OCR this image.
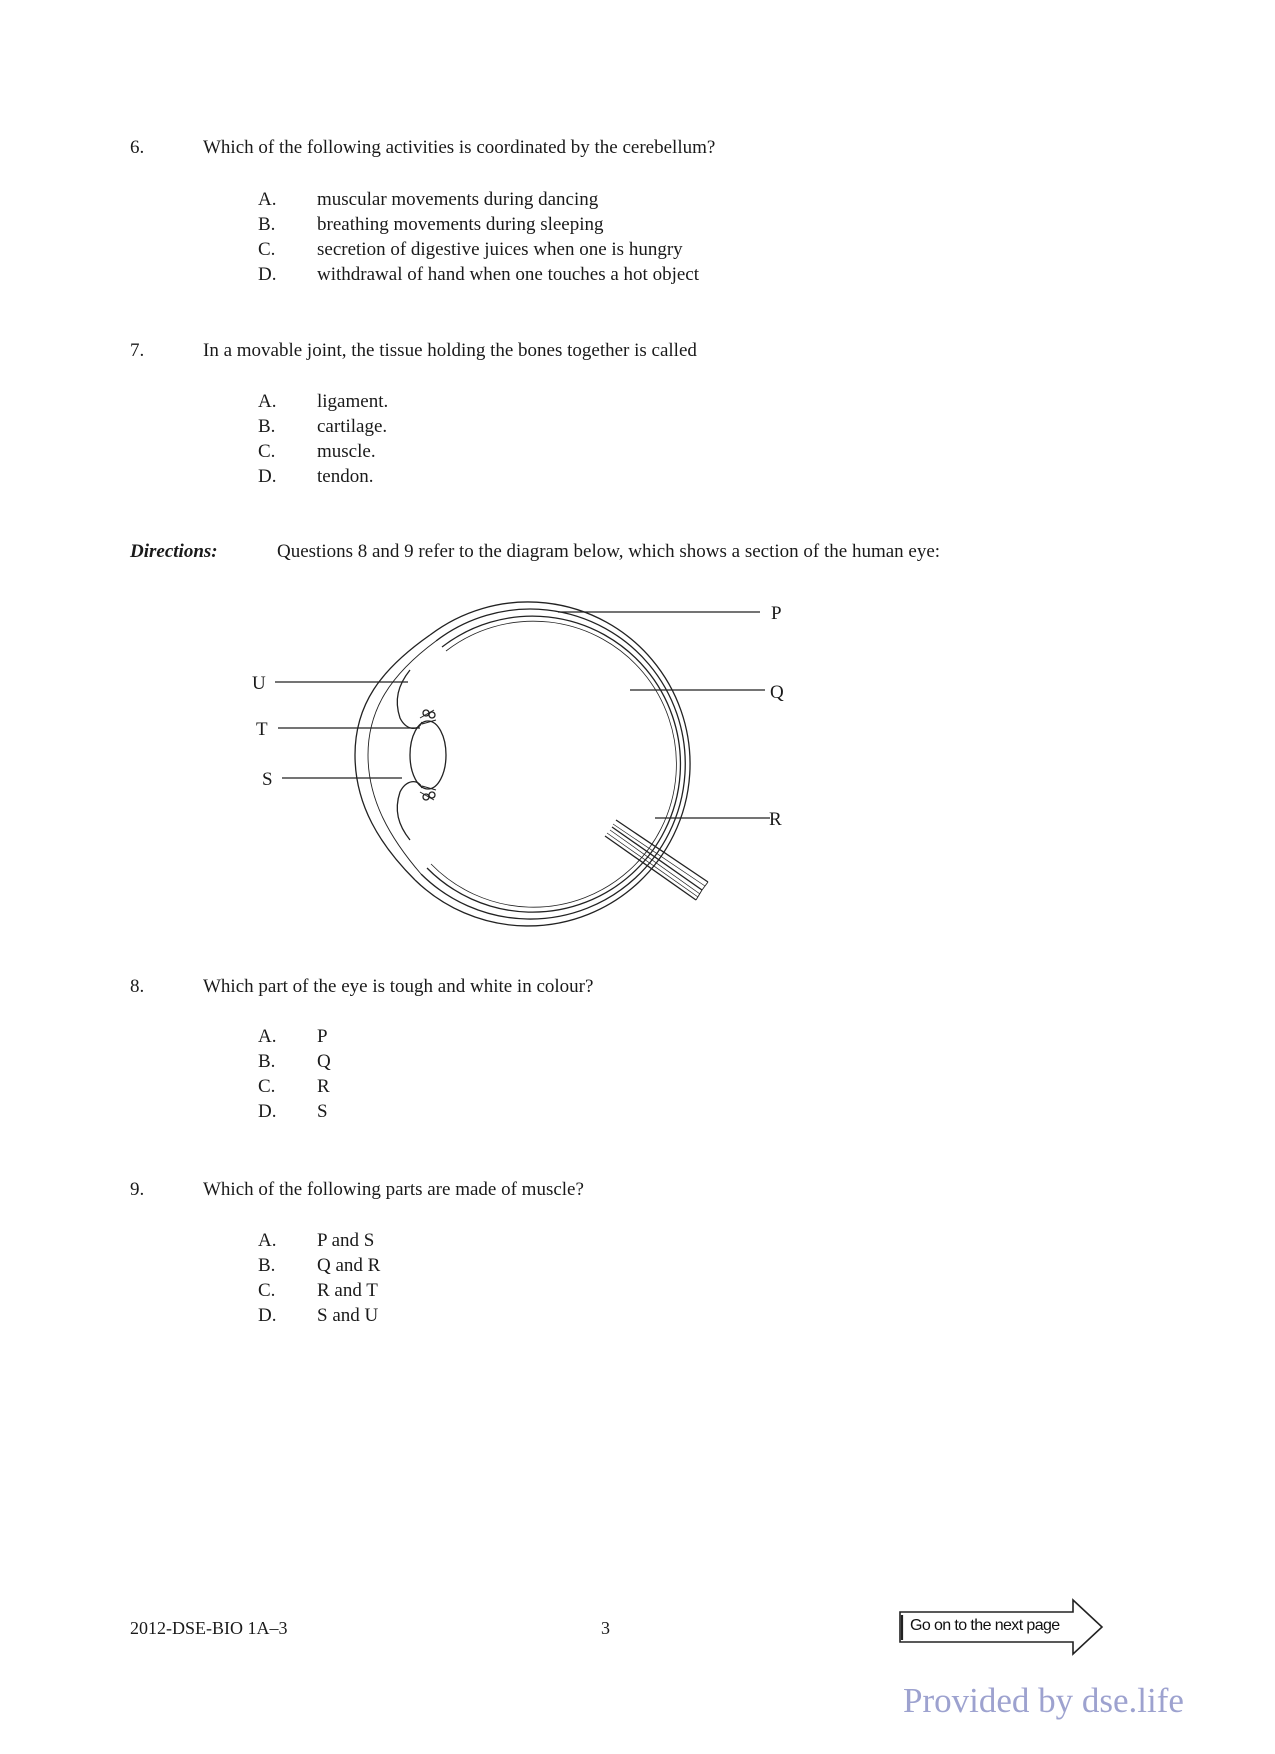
6.	Which of the following activities is coordinated by the cerebellum?
A. muscular movements during dancing
B. breathing movements during sleeping
C. secretion of digestive juices when one is hungry
D. withdrawal of hand when one touches a hot object
7.	In a movable joint, the tissue holding the bones together is called
A. ligament.
B. cartilage.
C. muscle.
D. tendon.
Directions:	Questions 8 and 9 refer to the diagram below, which shows a section of the human eye:
P
Q
R
U
T
S
8.	Which part of the eye is tough and white in colour?
A. P
B. Q
C. R
D. S
9.	Which of the following parts are made of muscle?
A. P and S
B. Q and R
C. R and T
D. S and U
2012-DSE-BIO 1A–3	3	Go on to the next page
Provided by dse.life
